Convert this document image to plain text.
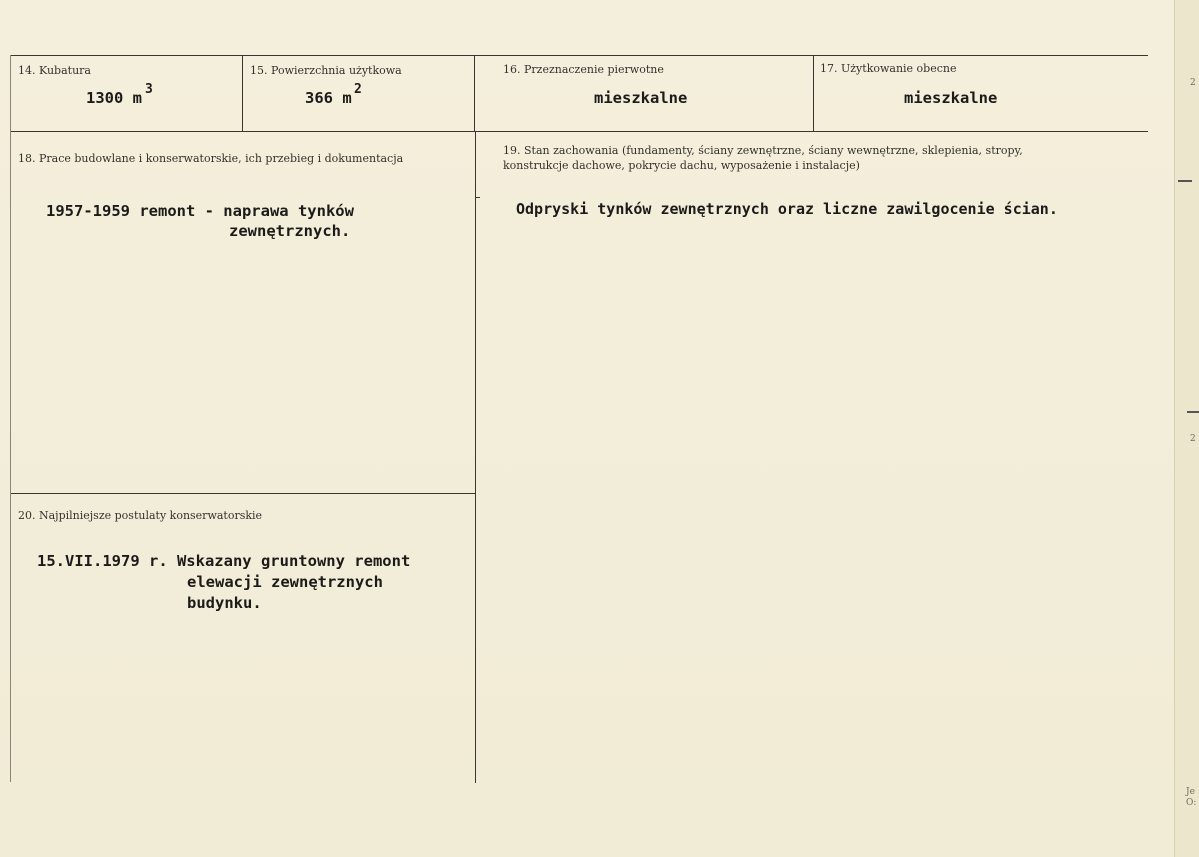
2
2
Je
O:
14. Kubatura
1300 m 3
15. Powierzchnia użytkowa
366 m 2
16. Przeznaczenie pierwotne
mieszkalne
17. Użytkowanie obecne
mieszkalne
18. Prace budowlane i konserwatorskie, ich przebieg i dokumentacja
1957-1959 remont - naprawa tynków
zewnętrznych.
19. Stan zachowania (fundamenty, ściany zewnętrzne, ściany wewnętrzne, sklepienia, stropy,
konstrukcje dachowe, pokrycie dachu, wyposażenie i instalacje)
Odpryski tynków zewnętrznych oraz liczne zawilgocenie ścian.
20. Najpilniejsze postulaty konserwatorskie
15.VII.1979 r. Wskazany gruntowny remont
elewacji zewnętrznych
budynku.
